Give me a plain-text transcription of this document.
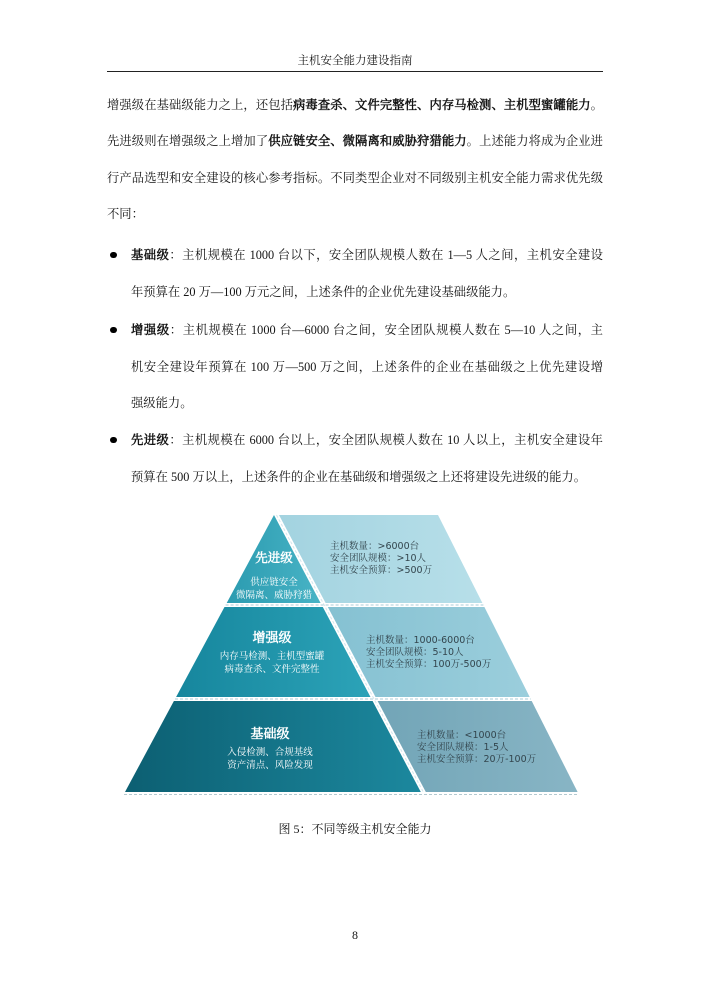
主机安全能力建设指南
增强级在基础级能力之上，还包括病毒查杀、文件完整性、内存马检测、主机型蜜罐能力。
先进级则在增强级之上增加了供应链安全、微隔离和威胁狩猎能力。上述能力将成为企业进
行产品选型和安全建设的核心参考指标。不同类型企业对不同级别主机安全能力需求优先级
不同：
基础级：主机规模在 1000 台以下，安全团队规模人数在 1—5 人之间，主机安全建设
年预算在 20 万—100 万元之间，上述条件的企业优先建设基础级能力。
增强级：主机规模在 1000 台—6000 台之间，安全团队规模人数在 5—10 人之间，主
机安全建设年预算在 100 万—500 万之间，上述条件的企业在基础级之上优先建设增
强级能力。
先进级：主机规模在 6000 台以上，安全团队规模人数在 10 人以上，主机安全建设年
预算在 500 万以上，上述条件的企业在基础级和增强级之上还将建设先进级的能力。
先进级
供应链安全
微隔离、威胁狩猎
主机数量：>6000台
安全团队规模：>10人
主机安全预算：>500万
增强级
内存马检测、主机型蜜罐
病毒查杀、文件完整性
主机数量：1000-6000台
安全团队规模：5-10人
主机安全预算：100万-500万
基础级
入侵检测、合规基线
资产清点、风险发现
主机数量：<1000台
安全团队规模：1-5人
主机安全预算：20万-100万
图 5：不同等级主机安全能力
8
